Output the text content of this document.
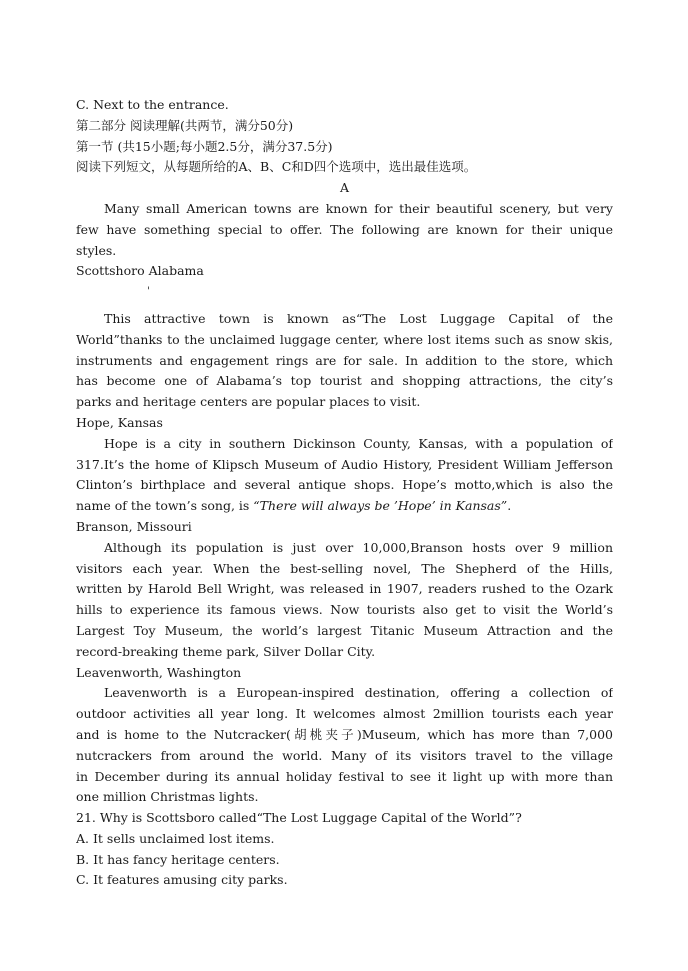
C. Next to the entrance.
第二部分 阅读理解(共两节，满分50分)
第一节 (共15小题;每小题2.5分，满分37.5分)
阅读下列短文，从每题所给的A、B、C和D四个选项中，选出最佳选项。
A
Many small American towns are known for their beautiful scenery, but very
few have something special to offer. The following are known for their unique
styles.
Scottshoro Alabama
'
This attractive town is known as“The Lost Luggage Capital of the
World”thanks to the unclaimed luggage center, where lost items such as snow skis,
instruments and engagement rings are for sale. In addition to the store, which
has become one of Alabama’s top tourist and shopping attractions, the city’s
parks and heritage centers are popular places to visit.
Hope, Kansas
Hope is a city in southern Dickinson County, Kansas, with a population of
317.It’s the home of Klipsch Museum of Audio History, President William Jefferson
Clinton’s birthplace and several antique shops. Hope’s motto,which is also the
name of the town’s song, is “There will always be ’Hope’ in Kansas”.
Branson, Missouri
Although its population is just over 10,000,Branson hosts over 9 million
visitors each year. When the best-selling novel, The Shepherd of the Hills,
written by Harold Bell Wright, was released in 1907, readers rushed to the Ozark
hills to experience its famous views. Now tourists also get to visit the World’s
Largest Toy Museum, the world’s largest Titanic Museum Attraction and the
record-breaking theme park, Silver Dollar City.
Leavenworth, Washington
Leavenworth is a European-inspired destination, offering a collection of
outdoor activities all year long. It welcomes almost 2million tourists each year
and is home to the Nutcracker(胡桃夹子)Museum, which has more than 7,000
nutcrackers from around the world. Many of its visitors travel to the village
in December during its annual holiday festival to see it light up with more than
one million Christmas lights.
21. Why is Scottsboro called“The Lost Luggage Capital of the World”?
A. It sells unclaimed lost items.
B. It has fancy heritage centers.
C. It features amusing city parks.
